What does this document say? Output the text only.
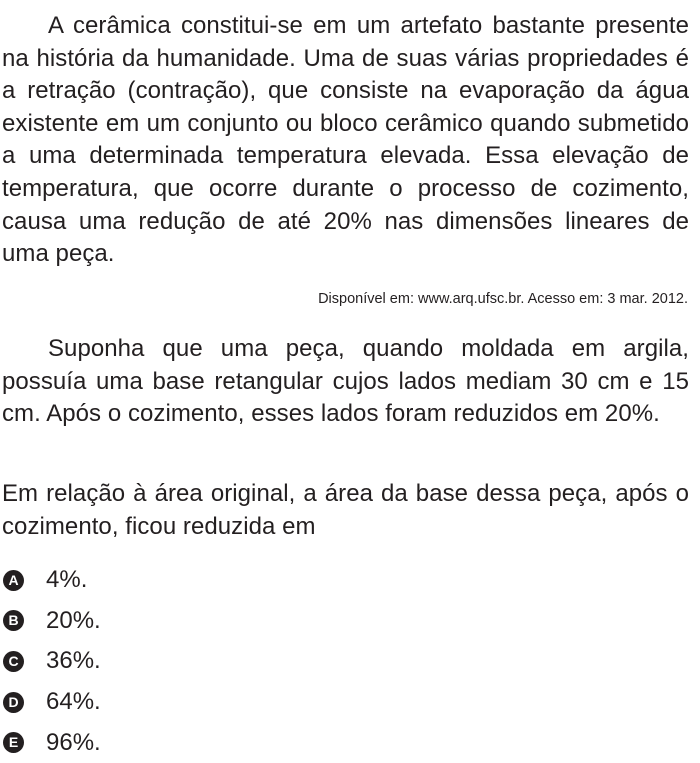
A cerâmica constitui-se em um artefato bastante presente na história da humanidade. Uma de suas várias propriedades é a retração (contração), que consiste na evaporação da água existente em um conjunto ou bloco cerâmico quando submetido a uma determinada temperatura elevada. Essa elevação de temperatura, que ocorre durante o processo de cozimento, causa uma redução de até 20% nas dimensões lineares de uma peça.

Disponível em: www.arq.ufsc.br. Acesso em: 3 mar. 2012.

Suponha que uma peça, quando moldada em argila, possuía uma base retangular cujos lados mediam 30 cm e 15 cm. Após o cozimento, esses lados foram reduzidos em 20%.

Em relação à área original, a área da base dessa peça, após o cozimento, ficou reduzida em

A 4%.
B 20%.
C 36%.
D 64%.
E 96%.
